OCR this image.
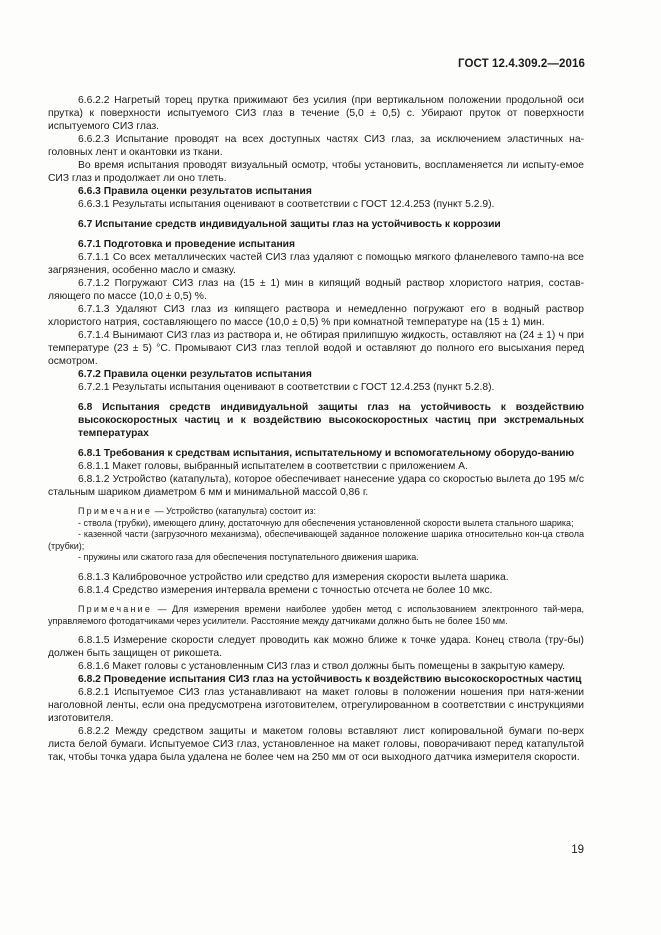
ГОСТ 12.4.309.2—2016

6.6.2.2 Нагретый торец прутка прижимают без усилия (при вертикальном положении продольной оси прутка) к поверхности испытуемого СИЗ глаз в течение (5,0 ± 0,5) с. Убирают пруток от поверхности испытуемого СИЗ глаз.

6.6.2.3 Испытание проводят на всех доступных частях СИЗ глаз, за исключением эластичных на-головных лент и окантовки из ткани.

Во время испытания проводят визуальный осмотр, чтобы установить, воспламеняется ли испыту-емое СИЗ глаз и продолжает ли оно тлеть.

6.6.3 Правила оценки результатов испытания

6.6.3.1 Результаты испытания оценивают в соответствии с ГОСТ 12.4.253 (пункт 5.2.9).

6.7 Испытание средств индивидуальной защиты глаз на устойчивость к коррозии

6.7.1 Подготовка и проведение испытания

6.7.1.1 Со всех металлических частей СИЗ глаз удаляют с помощью мягкого фланелевого тампо-на все загрязнения, особенно масло и смазку.

6.7.1.2 Погружают СИЗ глаз на (15 ± 1) мин в кипящий водный раствор хлористого натрия, состав-ляющего по массе (10,0 ± 0,5) %.

6.7.1.3 Удаляют СИЗ глаз из кипящего раствора и немедленно погружают его в водный раствор хлористого натрия, составляющего по массе (10,0 ± 0,5) % при комнатной температуре на (15 ± 1) мин.

6.7.1.4 Вынимают СИЗ глаз из раствора и, не обтирая прилипшую жидкость, оставляют на (24 ± 1) ч при температуре (23 ± 5) °С. Промывают СИЗ глаз теплой водой и оставляют до полного его высыхания перед осмотром.

6.7.2 Правила оценки результатов испытания

6.7.2.1 Результаты испытания оценивают в соответствии с ГОСТ 12.4.253 (пункт 5.2.8).

6.8 Испытания средств индивидуальной защиты глаз на устойчивость к воздействию высокоскоростных частиц и к воздействию высокоскоростных частиц при экстремальных температурах

6.8.1 Требования к средствам испытания, испытательному и вспомогательному оборудо-ванию

6.8.1.1 Макет головы, выбранный испытателем в соответствии с приложением А.

6.8.1.2 Устройство (катапульта), которое обеспечивает нанесение удара со скоростью вылета до 195 м/с стальным шариком диаметром 6 мм и минимальной массой 0,86 г.

Примечание — Устройство (катапульта) состоит из:

- ствола (трубки), имеющего длину, достаточную для обеспечения установленной скорости вылета стального шарика;

- казенной части (загрузочного механизма), обеспечивающей заданное положение шарика относительно кон-ца ствола (трубки);

- пружины или сжатого газа для обеспечения поступательного движения шарика.

6.8.1.3 Калибровочное устройство или средство для измерения скорости вылета шарика.

6.8.1.4 Средство измерения интервала времени с точностью отсчета не более 10 мкс.

Примечание — Для измерения времени наиболее удобен метод с использованием электронного тай-мера, управляемого фотодатчиками через усилители. Расстояние между датчиками должно быть не более 150 мм.

6.8.1.5 Измерение скорости следует проводить как можно ближе к точке удара. Конец ствола (тру-бы) должен быть защищен от рикошета.

6.8.1.6 Макет головы с установленным СИЗ глаз и ствол должны быть помещены в закрытую камеру.

6.8.2 Проведение испытания СИЗ глаз на устойчивость к воздействию высокоскоростных частиц

6.8.2.1 Испытуемое СИЗ глаз устанавливают на макет головы в положении ношения при натя-жении наголовной ленты, если она предусмотрена изготовителем, отрегулированном в соответствии с инструкциями изготовителя.

6.8.2.2 Между средством защиты и макетом головы вставляют лист копировальной бумаги по-верх листа белой бумаги. Испытуемое СИЗ глаз, установленное на макет головы, поворачивают перед катапультой так, чтобы точка удара была удалена не более чем на 250 мм от оси выходного датчика измерителя скорости.

19
